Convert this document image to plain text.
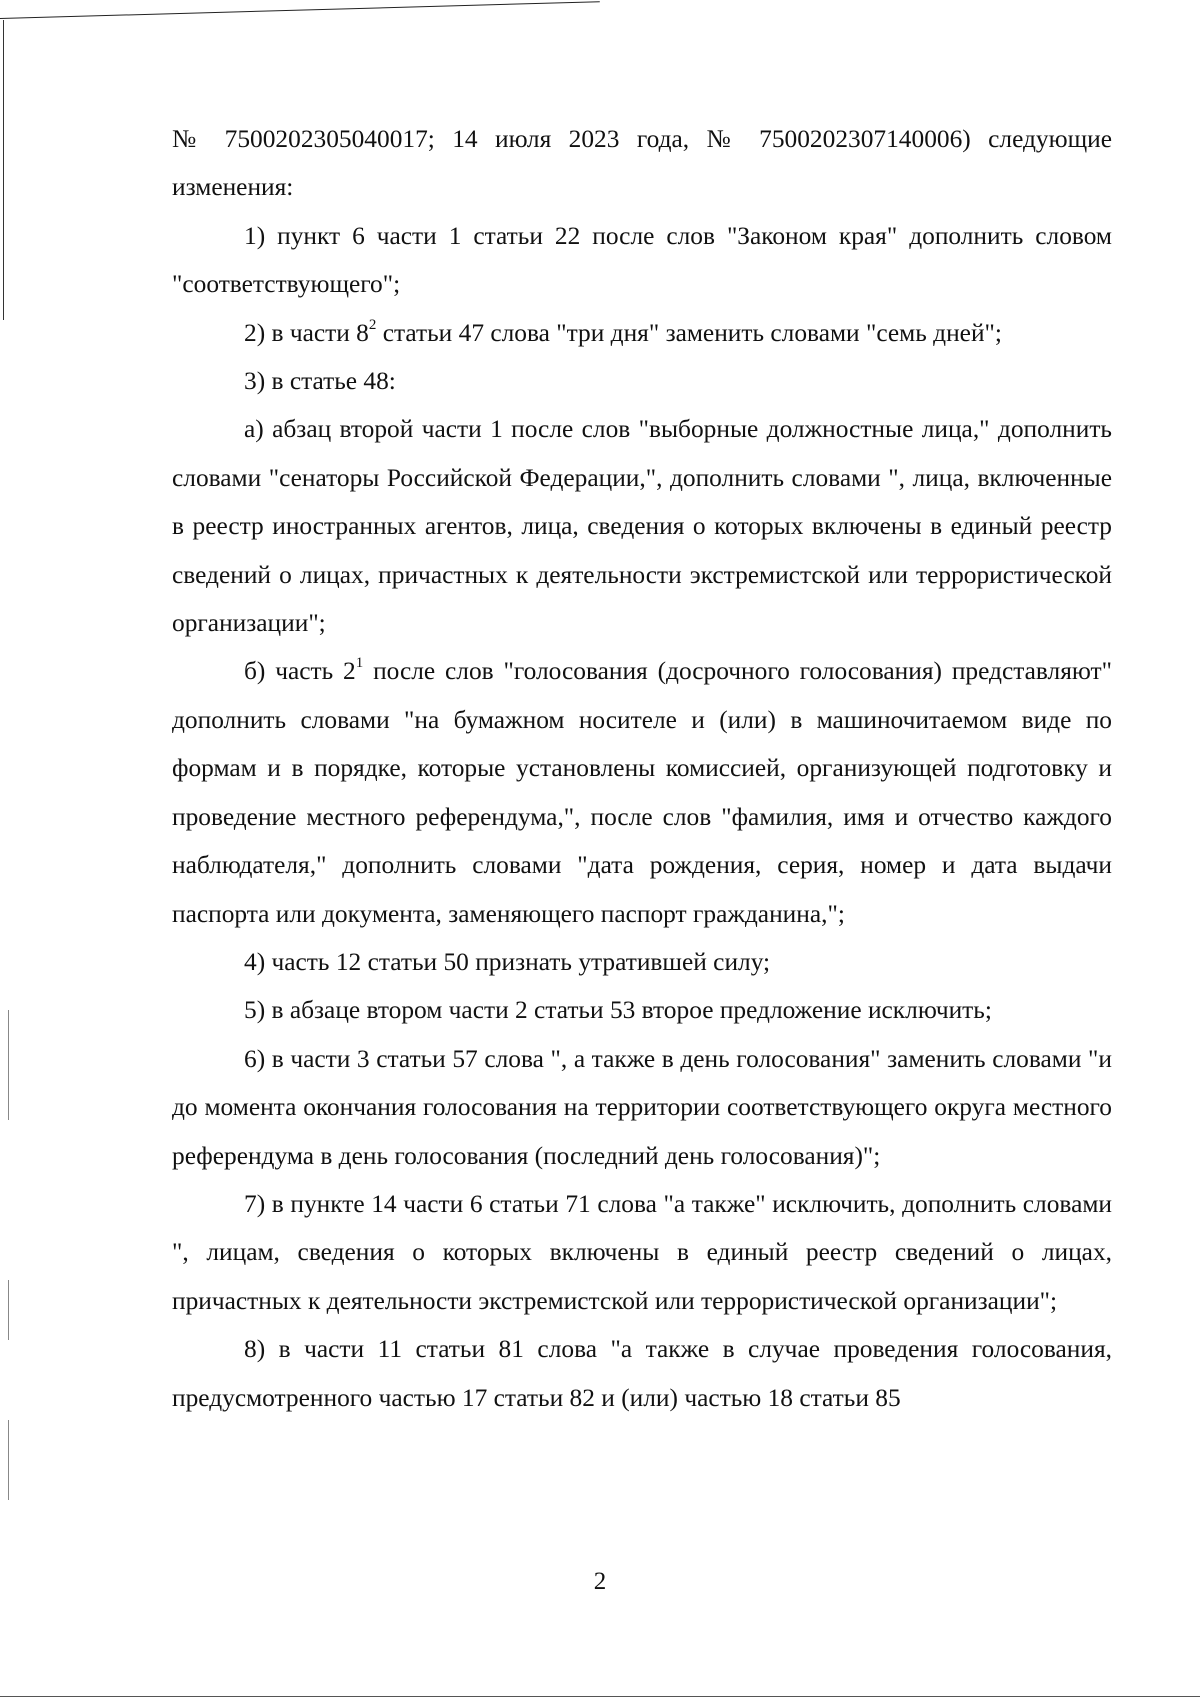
№ 7500202305040017; 14 июля 2023 года, № 7500202307140006) следующие изменения:

1) пункт 6 части 1 статьи 22 после слов "Законом края" дополнить словом "соответствующего";

2) в части $8^2$ статьи 47 слова "три дня" заменить словами "семь дней";

3) в статье 48:

а) абзац второй части 1 после слов "выборные должностные лица," дополнить словами "сенаторы Российской Федерации,", дополнить словами ", лица, включенные в реестр иностранных агентов, лица, сведения о которых включены в единый реестр сведений о лицах, причастных к деятельности экстремистской или террористической организации";

б) часть $2^1$ после слов "голосования (досрочного голосования) представляют" дополнить словами "на бумажном носителе и (или) в машиночитаемом виде по формам и в порядке, которые установлены комиссией, организующей подготовку и проведение местного референдума,", после слов "фамилия, имя и отчество каждого наблюдателя," дополнить словами "дата рождения, серия, номер и дата выдачи паспорта или документа, заменяющего паспорт гражданина,";

4) часть 12 статьи 50 признать утратившей силу;

5) в абзаце втором части 2 статьи 53 второе предложение исключить;

6) в части 3 статьи 57 слова ", а также в день голосования" заменить словами "и до момента окончания голосования на территории соответствующего округа местного референдума в день голосования (последний день голосования)";

7) в пункте 14 части 6 статьи 71 слова "а также" исключить, дополнить словами ", лицам, сведения о которых включены в единый реестр сведений о лицах, причастных к деятельности экстремистской или террористической организации";

8) в части 11 статьи 81 слова "а также в случае проведения голосования, предусмотренного частью 17 статьи 82 и (или) частью 18 статьи 85

2
